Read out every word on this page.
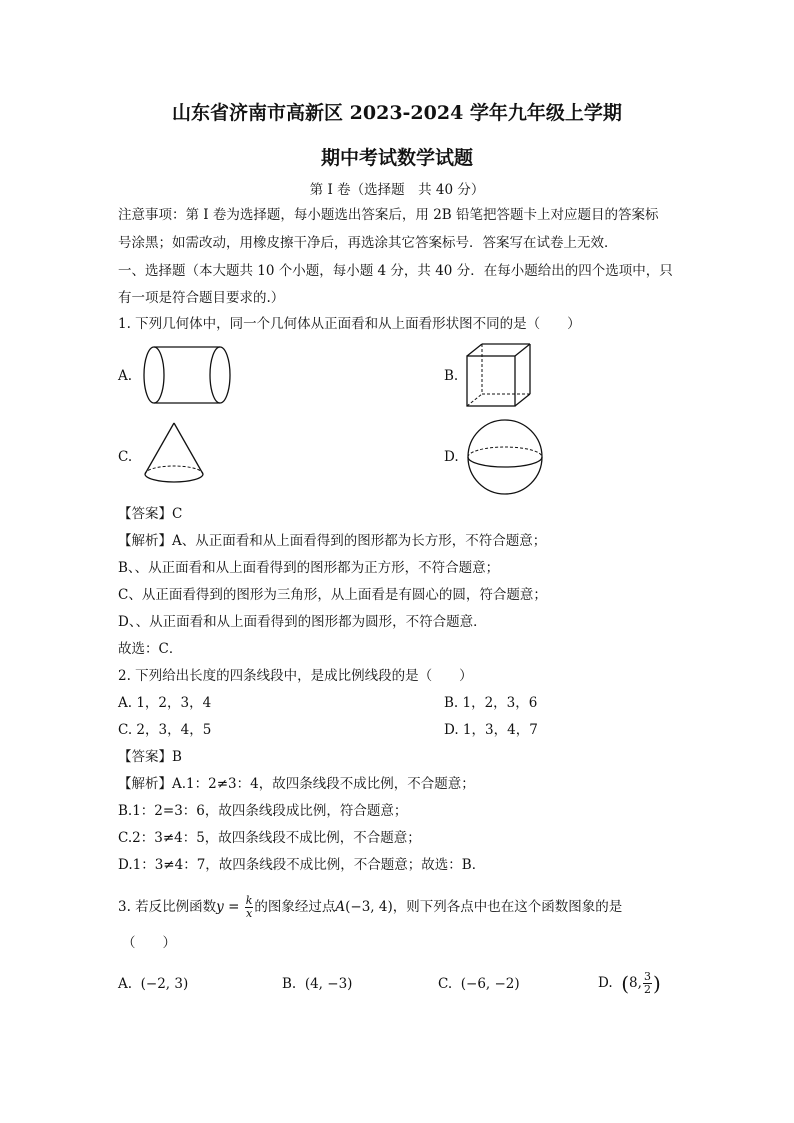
山东省济南市高新区 2023-2024 学年九年级上学期
期中考试数学试题
第 I 卷（选择题　共 40 分）
注意事项：第 I 卷为选择题，每小题选出答案后，用 2B 铅笔把答题卡上对应题目的答案标
号涂黑；如需改动，用橡皮擦干净后，再选涂其它答案标号．答案写在试卷上无效．
一、选择题（本大题共 10 个小题，每小题 4 分，共 40 分．在每小题给出的四个选项中，只
有一项是符合题目要求的.）
1. 下列几何体中，同一个几何体从正面看和从上面看形状图不同的是（　　）
A.	B.
C.	D.
【答案】C
【解析】A、从正面看和从上面看得到的图形都为长方形，不符合题意；
B、、从正面看和从上面看得到的图形都为正方形，不符合题意；
C、从正面看得到的图形为三角形，从上面看是有圆心的圆，符合题意；
D、、从正面看和从上面看得到的图形都为圆形，不符合题意．
故选：C．
2. 下列给出长度的四条线段中，是成比例线段的是（　　）
A. 1，2，3，4	B. 1，2，3，6
C. 2，3，4，5	D. 1，3，4，7
【答案】B
【解析】A.1：2≠3：4，故四条线段不成比例，不合题意；
B.1：2=3：6，故四条线段成比例，符合题意；
C.2：3≠4：5，故四条线段不成比例，不合题意；
D.1：3≠4：7，故四条线段不成比例，不合题意；故选：B．
3. 若反比例函数$y = \frac{k}{x}$ 的图象经过点A(−3, 4)，则下列各点中也在这个函数图象的是
（　　）
A. (−2, 3)	B. (4, −3)	C. (−6, −2)	D. (8, $\frac{3}{2}$ )
